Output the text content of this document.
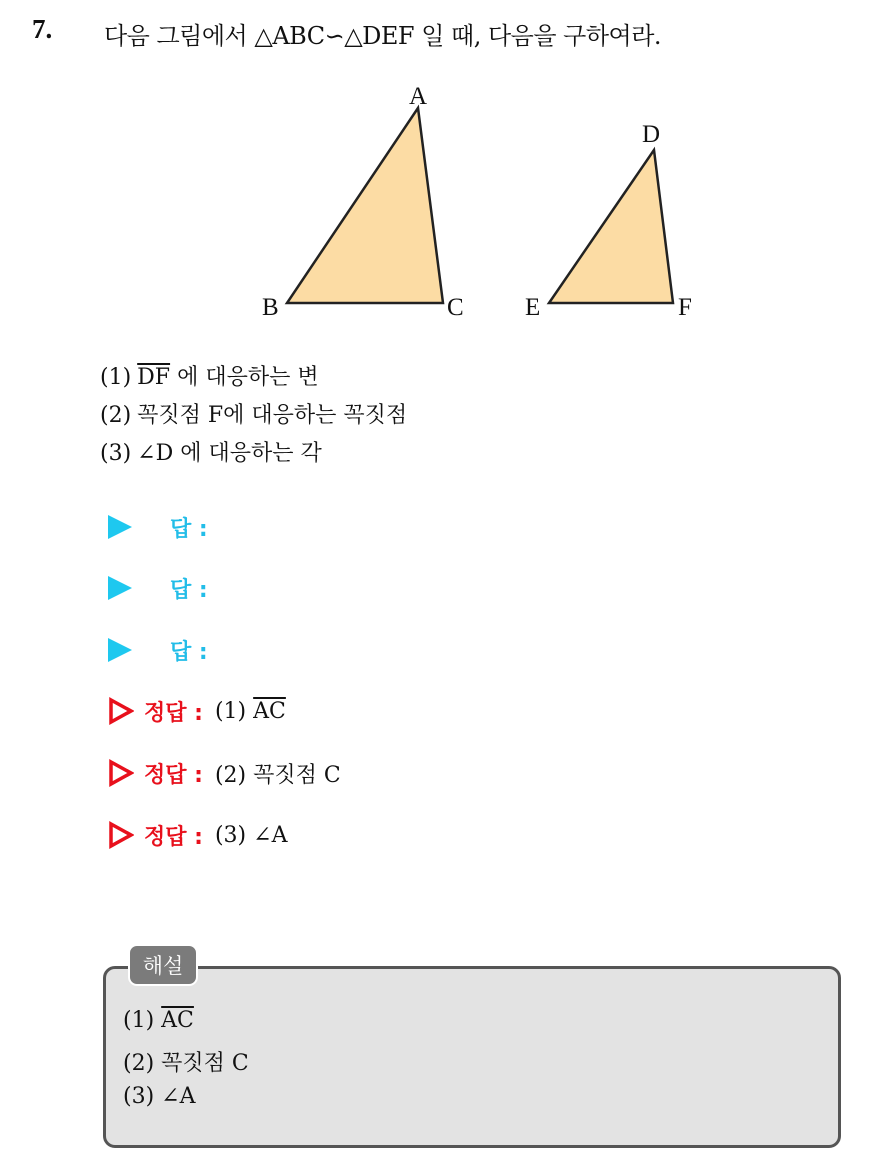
7. 다음 그림에서 △ABC∽△DEF 일 때, 다음을 구하여라.
A
B	C
D
E	F
(1) $\overline{DF}$ 에 대응하는 변
(2) 꼭짓점 F에 대응하는 꼭짓점
(3) ∠D 에 대응하는 각
답 :
답 :
답 :
정답 : (1) $\overline{AC}$
정답 : (2) 꼭짓점 C
정답 : (3) ∠A
해설
(1) $\overline{AC}$
(2) 꼭짓점 C
(3) ∠A
